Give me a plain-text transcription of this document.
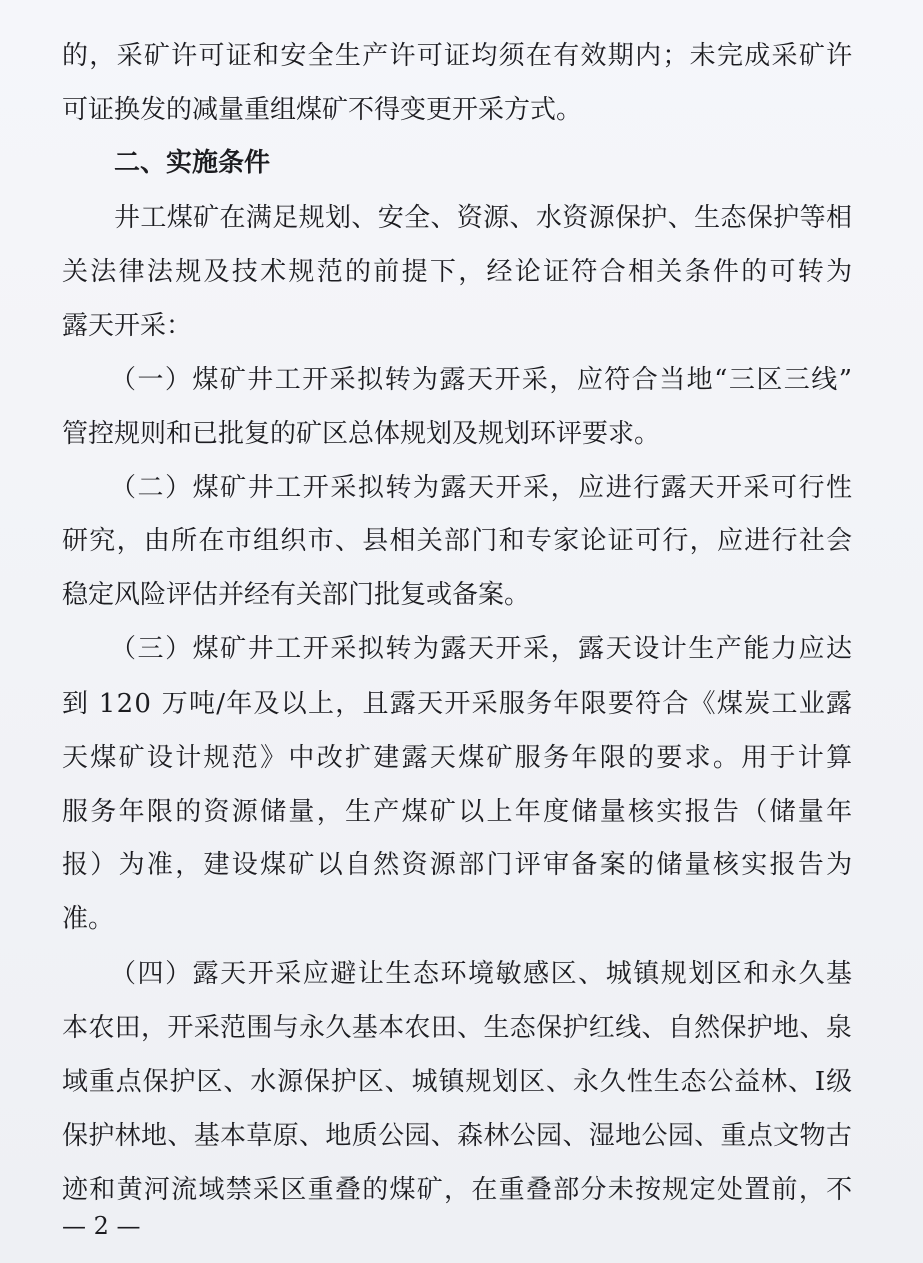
的，采矿许可证和安全生产许可证均须在有效期内；未完成采矿许
可证换发的减量重组煤矿不得变更开采方式。
二、实施条件
井工煤矿在满足规划、安全、资源、水资源保护、生态保护等相
关法律法规及技术规范的前提下，经论证符合相关条件的可转为
露天开采：
（一）煤矿井工开采拟转为露天开采，应符合当地“三区三线”
管控规则和已批复的矿区总体规划及规划环评要求。
（二）煤矿井工开采拟转为露天开采，应进行露天开采可行性
研究，由所在市组织市、县相关部门和专家论证可行，应进行社会
稳定风险评估并经有关部门批复或备案。
（三）煤矿井工开采拟转为露天开采，露天设计生产能力应达
到 120 万吨/年及以上，且露天开采服务年限要符合《煤炭工业露
天煤矿设计规范》中改扩建露天煤矿服务年限的要求。用于计算
服务年限的资源储量，生产煤矿以上年度储量核实报告（储量年
报）为准，建设煤矿以自然资源部门评审备案的储量核实报告为
准。
（四）露天开采应避让生态环境敏感区、城镇规划区和永久基
本农田，开采范围与永久基本农田、生态保护红线、自然保护地、泉
域重点保护区、水源保护区、城镇规划区、永久性生态公益林、Ⅰ级
保护林地、基本草原、地质公园、森林公园、湿地公园、重点文物古
迹和黄河流域禁采区重叠的煤矿，在重叠部分未按规定处置前，不
— 2 —
